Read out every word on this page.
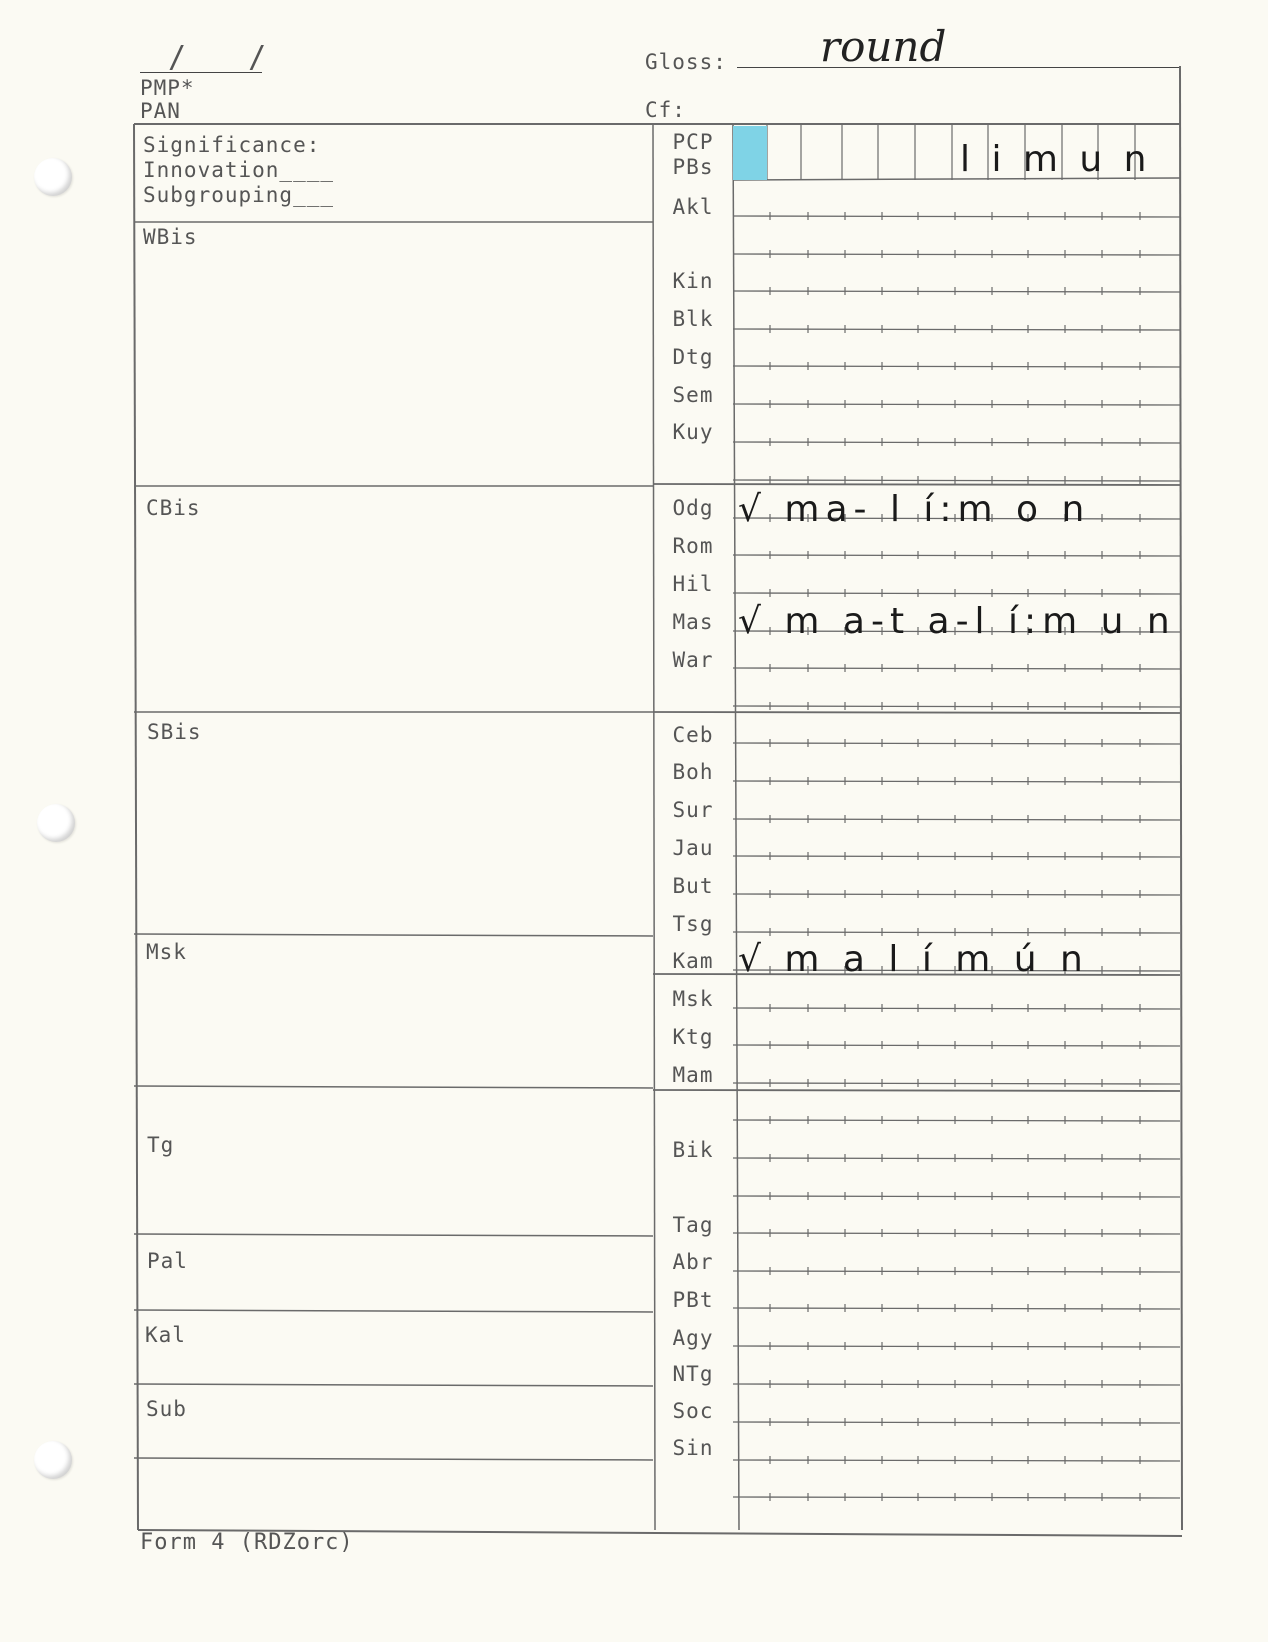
/ /
PMP*
PAN
Gloss: round
Cf:
Significance:
Innovation____
Subgrouping___
WBis
CBis
SBis
Msk
Tg
Pal
Kal
Sub
PCP
PBs
Akl
Kin
Blk
Dtg
Sem
Kuy
Odg
Rom
Hil
Mas
War
Ceb
Boh
Sur
Jau
But
Tsg
Kam
Msk
Ktg
Mam
Bik
Tag
Abr
PBt
Agy
NTg
Soc
Sin
l i m u n
√ ma- l í:m o n
√ m a-t a-l í:m u n
√ m a l í m ú n
Form 4 (RDZorc)
